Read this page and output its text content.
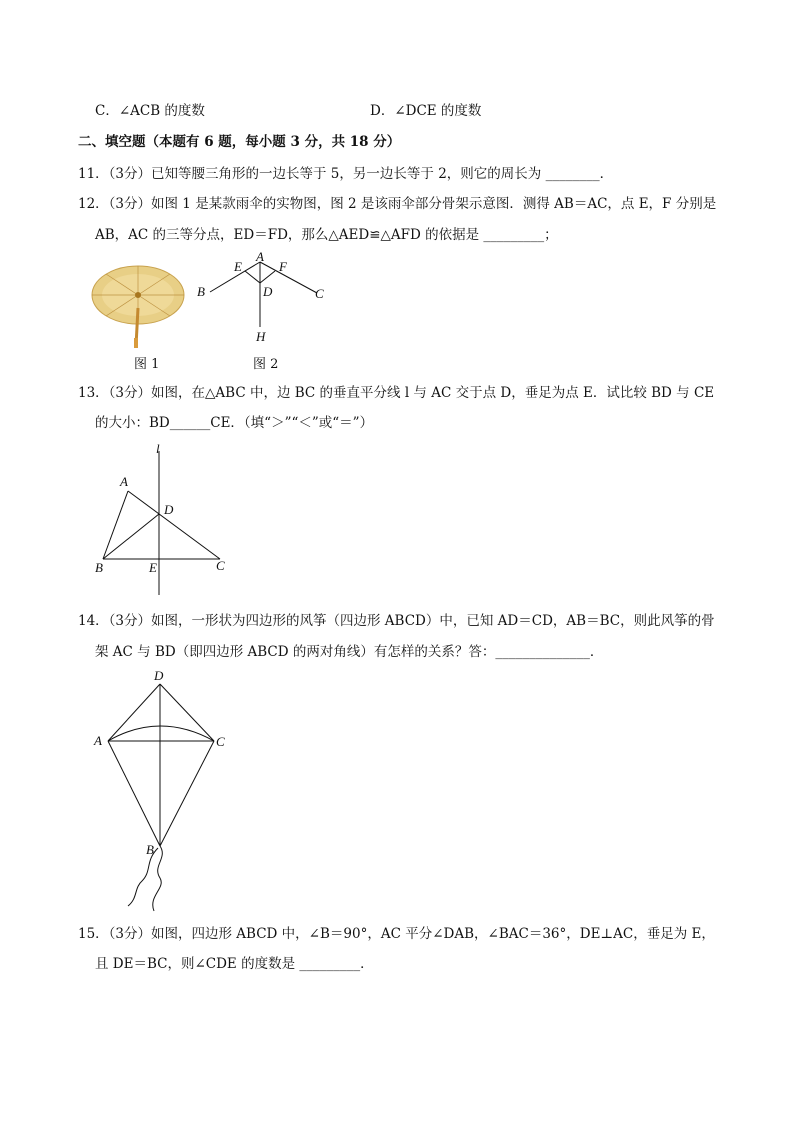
C．∠ACB 的度数	D．∠DCE 的度数
二、填空题（本题有 6 题，每小题 3 分，共 18 分）
11．（3分）已知等腰三角形的一边长等于 5，另一边长等于 2，则它的周长为 ________．
12．（3分）如图 1 是某款雨伞的实物图，图 2 是该雨伞部分骨架示意图．测得 AB＝AC，点 E，F 分别是
AB，AC 的三等分点，ED＝FD，那么△AED≌△AFD 的依据是 _________；
A
B	C
D
E	F
H
图 1	图 2
13．（3分）如图，在△ABC 中，边 BC 的垂直平分线 l 与 AC 交于点 D，垂足为点 E．试比较 BD 与 CE
的大小：BD______CE．（填“＞”“＜”或“＝”）
l
A
D
B	E	C
14．（3分）如图，一形状为四边形的风筝（四边形 ABCD）中，已知 AD＝CD，AB＝BC，则此风筝的骨
架 AC 与 BD（即四边形 ABCD 的两对角线）有怎样的关系？答：______________．
D
A	C
B
15．（3分）如图，四边形 ABCD 中，∠B＝90°，AC 平分∠DAB，∠BAC＝36°，DE⊥AC，垂足为 E，
且 DE＝BC，则∠CDE 的度数是 _________．
